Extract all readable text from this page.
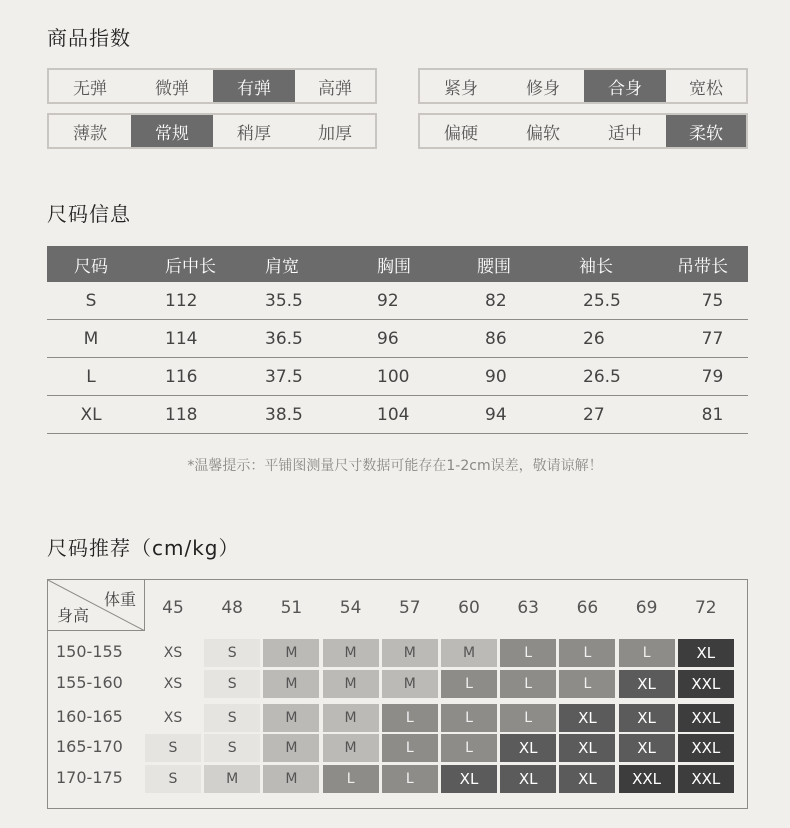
商品指数
无弹	微弹	有弹	高弹	紧身	修身	合身	宽松
薄款	常规	稍厚	加厚	偏硬	偏软	适中	柔软
尺码信息
尺码	后中长	肩宽	胸围	腰围	袖长	吊带长
S	112	35.5	92	82	25.5	75
M	114	36.5	96	86	26	77
L	116	37.5	100	90	26.5	79
XL	118	38.5	104	94	27	81
*温馨提示：平铺图测量尺寸数据可能存在1-2cm误差，敬请谅解！
尺码推荐（cm/kg）
体重
身高	45	48	51	54	57	60	63	66	69	72
150-155	XS	S	M	M	M	M	L	L	L	XL
155-160	XS	S	M	M	M	L	L	L	XL	XXL
160-165	XS	S	M	M	L	L	L	XL	XL	XXL
165-170	S	S	M	M	L	L	XL	XL	XL	XXL
170-175	S	M	M	L	L	XL	XL	XL	XXL	XXL
